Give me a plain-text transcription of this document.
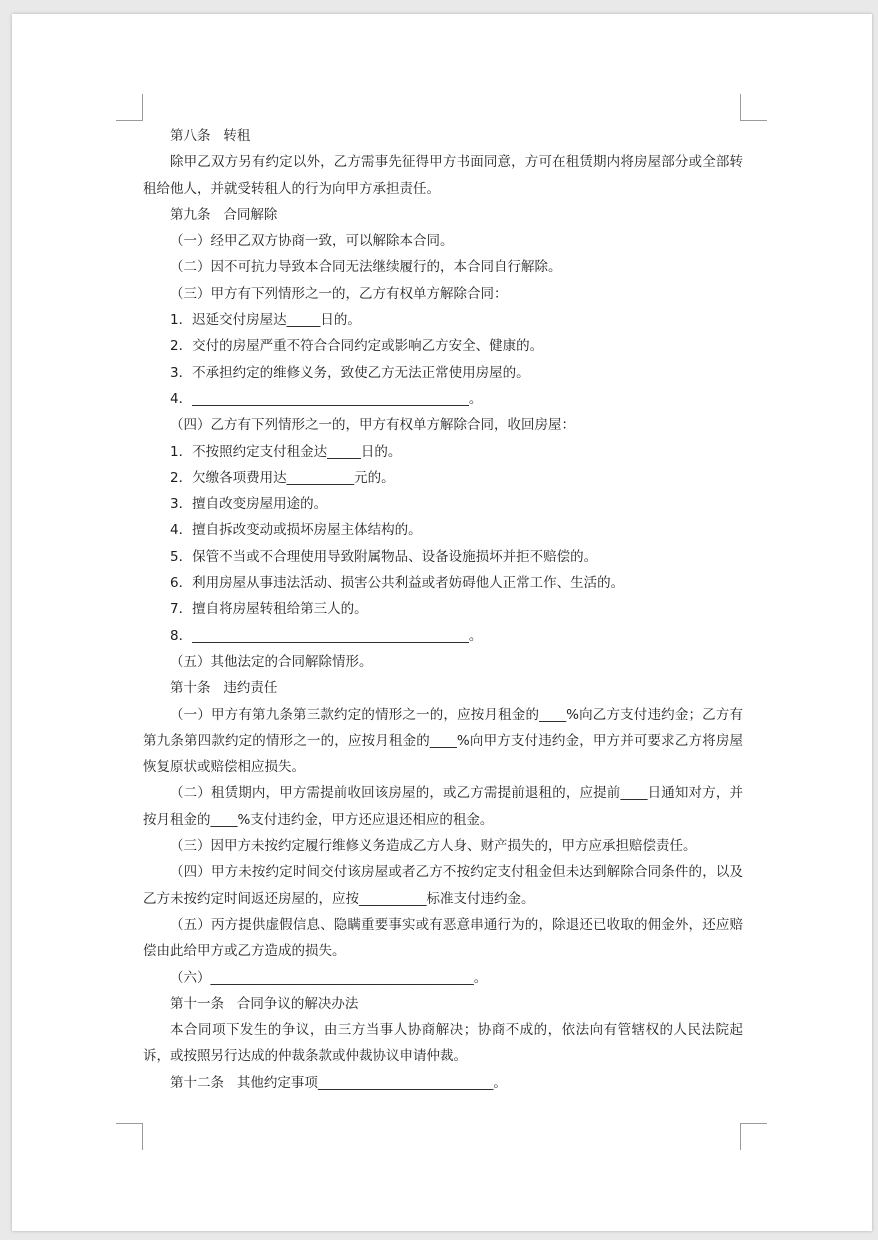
第八条   转租

除甲乙双方另有约定以外，乙方需事先征得甲方书面同意，方可在租赁期内将房屋部分或全部转租给他人，并就受转租人的行为向甲方承担责任。

第九条   合同解除

（一）经甲乙双方协商一致，可以解除本合同。

（二）因不可抗力导致本合同无法继续履行的，本合同自行解除。

（三）甲方有下列情形之一的，乙方有权单方解除合同：

1．迟延交付房屋达_____日的。

2．交付的房屋严重不符合合同约定或影响乙方安全、健康的。

3．不承担约定的维修义务，致使乙方无法正常使用房屋的。

4．_________________________________________。

（四）乙方有下列情形之一的，甲方有权单方解除合同，收回房屋：

1．不按照约定支付租金达_____日的。

2．欠缴各项费用达__________元的。

3．擅自改变房屋用途的。

4．擅自拆改变动或损坏房屋主体结构的。

5．保管不当或不合理使用导致附属物品、设备设施损坏并拒不赔偿的。

6．利用房屋从事违法活动、损害公共利益或者妨碍他人正常工作、生活的。

7．擅自将房屋转租给第三人的。

8．_________________________________________。

（五）其他法定的合同解除情形。

第十条   违约责任

（一）甲方有第九条第三款约定的情形之一的，应按月租金的____%向乙方支付违约金；乙方有第九条第四款约定的情形之一的，应按月租金的____%向甲方支付违约金，甲方并可要求乙方将房屋恢复原状或赔偿相应损失。

（二）租赁期内，甲方需提前收回该房屋的，或乙方需提前退租的，应提前____日通知对方，并按月租金的____%支付违约金，甲方还应退还相应的租金。

（三）因甲方未按约定履行维修义务造成乙方人身、财产损失的，甲方应承担赔偿责任。

（四）甲方未按约定时间交付该房屋或者乙方不按约定支付租金但未达到解除合同条件的，以及乙方未按约定时间返还房屋的，应按__________标准支付违约金。

（五）丙方提供虚假信息、隐瞒重要事实或有恶意串通行为的，除退还已收取的佣金外，还应赔偿由此给甲方或乙方造成的损失。

（六）_______________________________________。

第十一条   合同争议的解决办法

本合同项下发生的争议，由三方当事人协商解决；协商不成的，依法向有管辖权的人民法院起诉，或按照另行达成的仲裁条款或仲裁协议申请仲裁。

第十二条   其他约定事项__________________________。
